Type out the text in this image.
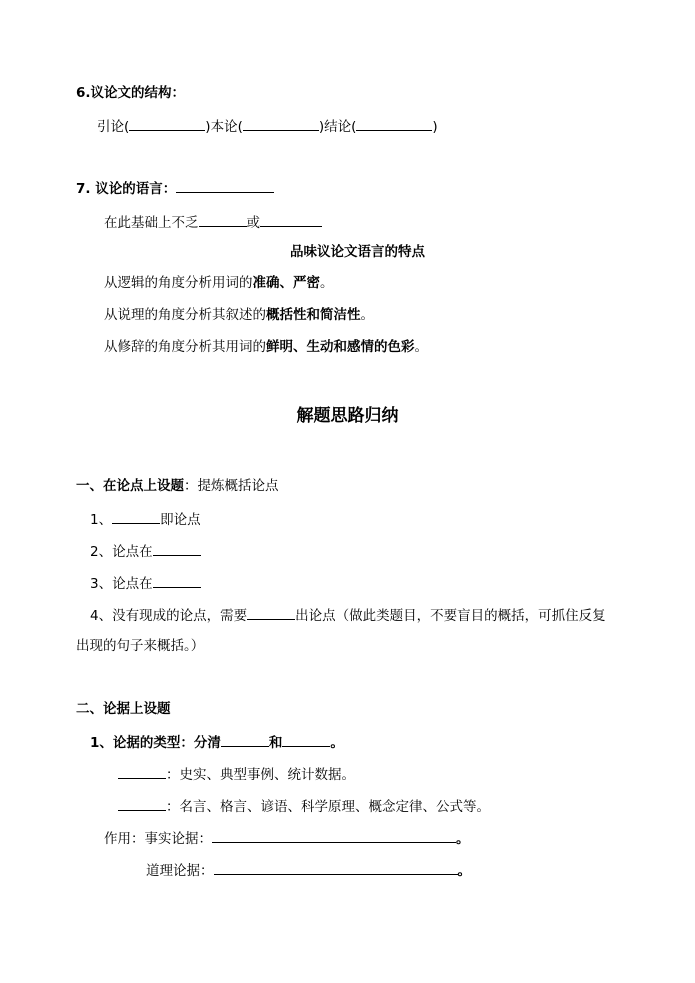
6.议论文的结构：
引论(	)本论(	)结论(	)
7. 议论的语言：
在此基础上不乏	或
品味议论文语言的特点
从逻辑的角度分析用词的准确、严密。
从说理的角度分析其叙述的概括性和简洁性。
从修辞的角度分析其用词的鲜明、生动和感情的色彩。
解题思路归纳
一、在论点上设题：提炼概括论点
1、	即论点
2、论点在
3、论点在
4、没有现成的论点，需要	出论点（做此类题目，不要盲目的概括，可抓住反复
出现的句子来概括。）
二、论据上设题
1、论据的类型：分清	和	。
：史实、典型事例、统计数据。
：名言、格言、谚语、科学原理、概念定律、公式等。
作用：事实论据：	。
道理论据：	。
